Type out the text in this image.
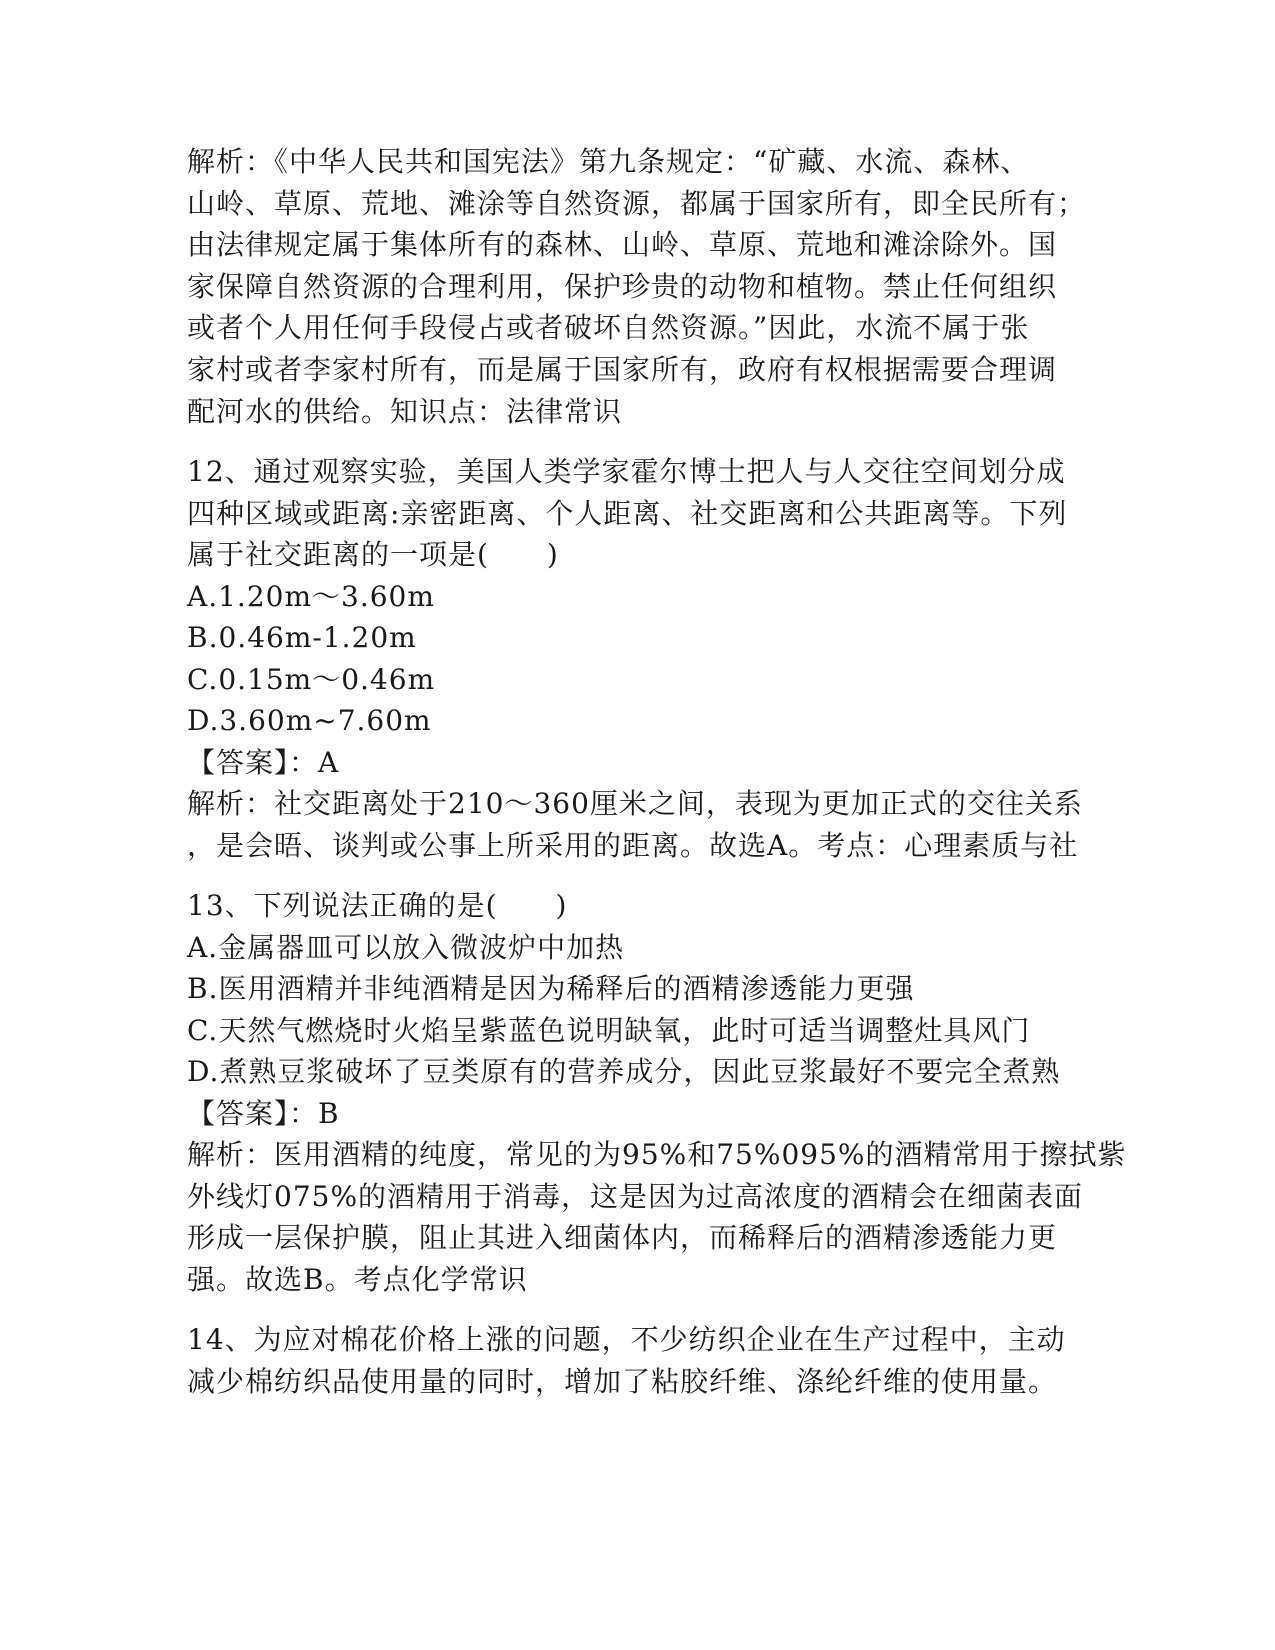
解析：《中华人民共和国宪法》第九条规定：“矿藏、水流、森林、
山岭、草原、荒地、滩涂等自然资源，都属于国家所有，即全民所有；
由法律规定属于集体所有的森林、山岭、草原、荒地和滩涂除外。国
家保障自然资源的合理利用，保护珍贵的动物和植物。禁止任何组织
或者个人用任何手段侵占或者破坏自然资源。”因此，水流不属于张
家村或者李家村所有，而是属于国家所有，政府有权根据需要合理调
配河水的供给。知识点：法律常识
12、通过观察实验，美国人类学家霍尔博士把人与人交往空间划分成
四种区域或距离:亲密距离、个人距离、社交距离和公共距离等。下列
属于社交距离的一项是(　　)
A.1.20m～3.60m
B.0.46m-1.20m
C.0.15m～0.46m
D.3.60m~7.60m
【答案】：A
解析：社交距离处于210～360厘米之间，表现为更加正式的交往关系
，是会晤、谈判或公事上所采用的距离。故选A。考点：心理素质与社
13、下列说法正确的是(　　)
A.金属器皿可以放入微波炉中加热
B.医用酒精并非纯酒精是因为稀释后的酒精渗透能力更强
C.天然气燃烧时火焰呈紫蓝色说明缺氧，此时可适当调整灶具风门
D.煮熟豆浆破坏了豆类原有的营养成分，因此豆浆最好不要完全煮熟
【答案】：B
解析：医用酒精的纯度，常见的为95%和75%095%的酒精常用于擦拭紫
外线灯075%的酒精用于消毒，这是因为过高浓度的酒精会在细菌表面
形成一层保护膜，阻止其进入细菌体内，而稀释后的酒精渗透能力更
强。故选B。考点化学常识
14、为应对棉花价格上涨的问题，不少纺织企业在生产过程中，主动
减少棉纺织品使用量的同时，增加了粘胶纤维、涤纶纤维的使用量。
